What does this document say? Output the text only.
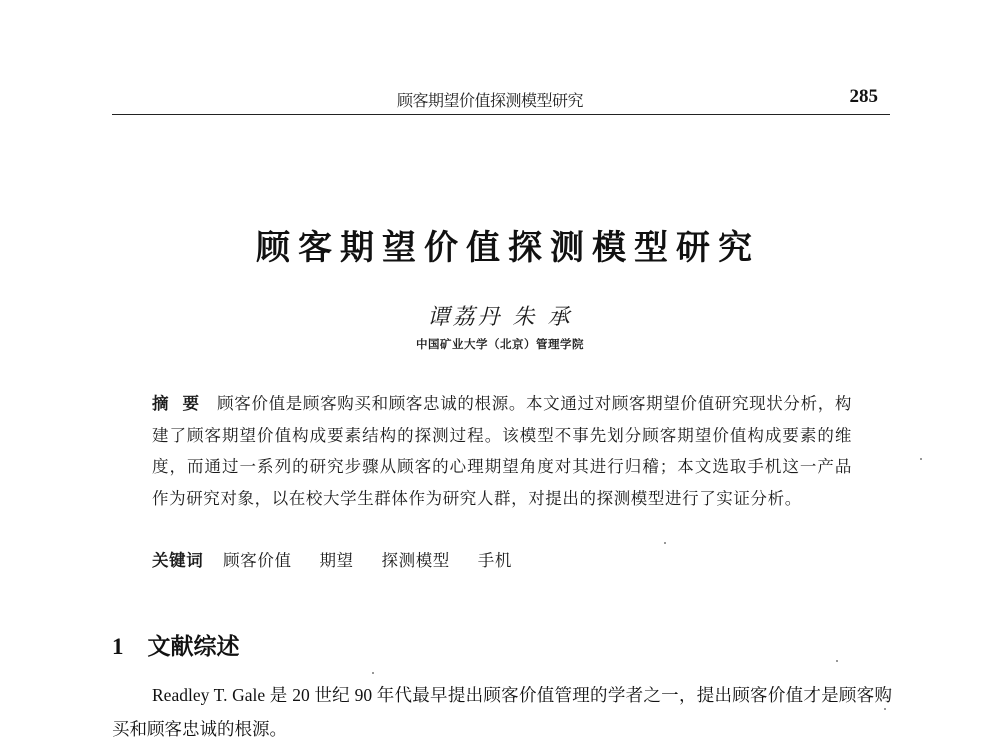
顾客期望价值探测模型研究	285
顾客期望价值探测模型研究
谭荔丹 朱 承
中国矿业大学（北京）管理学院
摘要 顾客价值是顾客购买和顾客忠诚的根源。本文通过对顾客期望价值研究现状分析，构建了顾客期望价值构成要素结构的探测过程。该模型不事先划分顾客期望价值构成要素的维度，而通过一系列的研究步骤从顾客的心理期望角度对其进行归稽；本文选取手机这一产品作为研究对象，以在校大学生群体作为研究人群，对提出的探测模型进行了实证分析。
关键词 顾客价值 期望 探测模型 手机
1 文献综述
Readley T. Gale 是 20 世纪 90 年代最早提出顾客价值管理的学者之一，提出顾客价值才是顾客购买和顾客忠诚的根源。
